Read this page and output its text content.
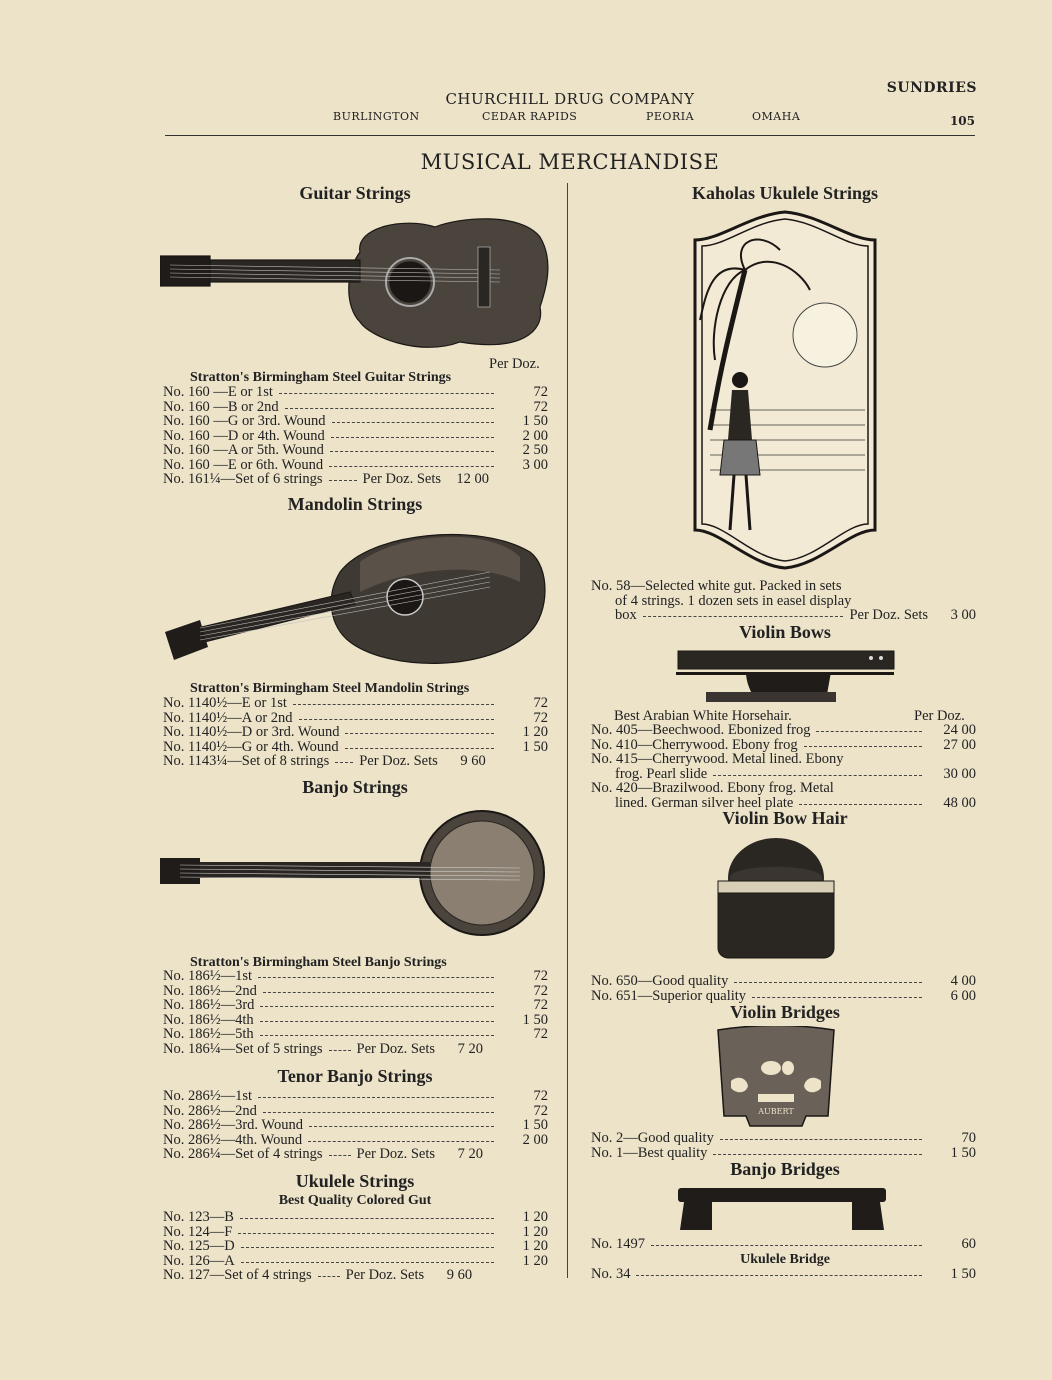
CHURCHILL DRUG COMPANY
BURLINGTON	CEDAR RAPIDS	PEORIA	OMAHA
SUNDRIES
105
MUSICAL MERCHANDISE
Guitar Strings
Per Doz.
Stratton's Birmingham Steel Guitar Strings
No. 160 —E or 1st	72
No. 160 —B or 2nd	72
No. 160 —G or 3rd. Wound	1 50
No. 160 —D or 4th. Wound	2 00
No. 160 —A or 5th. Wound	2 50
No. 160 —E or 6th. Wound	3 00
No. 161¼—Set of 6 strings	Per Doz. Sets	12 00
Mandolin Strings
Stratton's Birmingham Steel Mandolin Strings
No. 1140½—E or 1st	72
No. 1140½—A or 2nd	72
No. 1140½—D or 3rd. Wound	1 20
No. 1140½—G or 4th. Wound	1 50
No. 1143¼—Set of 8 strings Per Doz. Sets	9 60
Banjo Strings
Stratton's Birmingham Steel Banjo Strings
No. 186½—1st	72
No. 186½—2nd	72
No. 186½—3rd	72
No. 186½—4th	1 50
No. 186½—5th	72
No. 186¼—Set of 5 strings Per Doz. Sets	7 20
Tenor Banjo Strings
No. 286½—1st	72
No. 286½—2nd	72
No. 286½—3rd. Wound	1 50
No. 286½—4th. Wound	2 00
No. 286¼—Set of 4 strings Per Doz. Sets	7 20
Ukulele Strings
Best Quality Colored Gut
No. 123—B	1 20
No. 124—F	1 20
No. 125—D	1 20
No. 126—A	1 20
No. 127—Set of 4 strings Per Doz. Sets	9 60
Kaholas Ukulele Strings
No. 58—Selected white gut. Packed in sets
of 4 strings. 1 dozen sets in easel display
box	Per Doz. Sets	3 00
Violin Bows
Best Arabian White Horsehair.	Per Doz.
No. 405—Beechwood. Ebonized frog	24 00
No. 410—Cherrywood. Ebony frog	27 00
No. 415—Cherrywood. Metal lined. Ebony
frog. Pearl slide	30 00
No. 420—Brazilwood. Ebony frog. Metal
lined. German silver heel plate	48 00
Violin Bow Hair
No. 650—Good quality	4 00
No. 651—Superior quality	6 00
Violin Bridges
AUBERT
No. 2—Good quality	70
No. 1—Best quality	1 50
Banjo Bridges
No. 1497	60
Ukulele Bridge
No. 34	1 50
